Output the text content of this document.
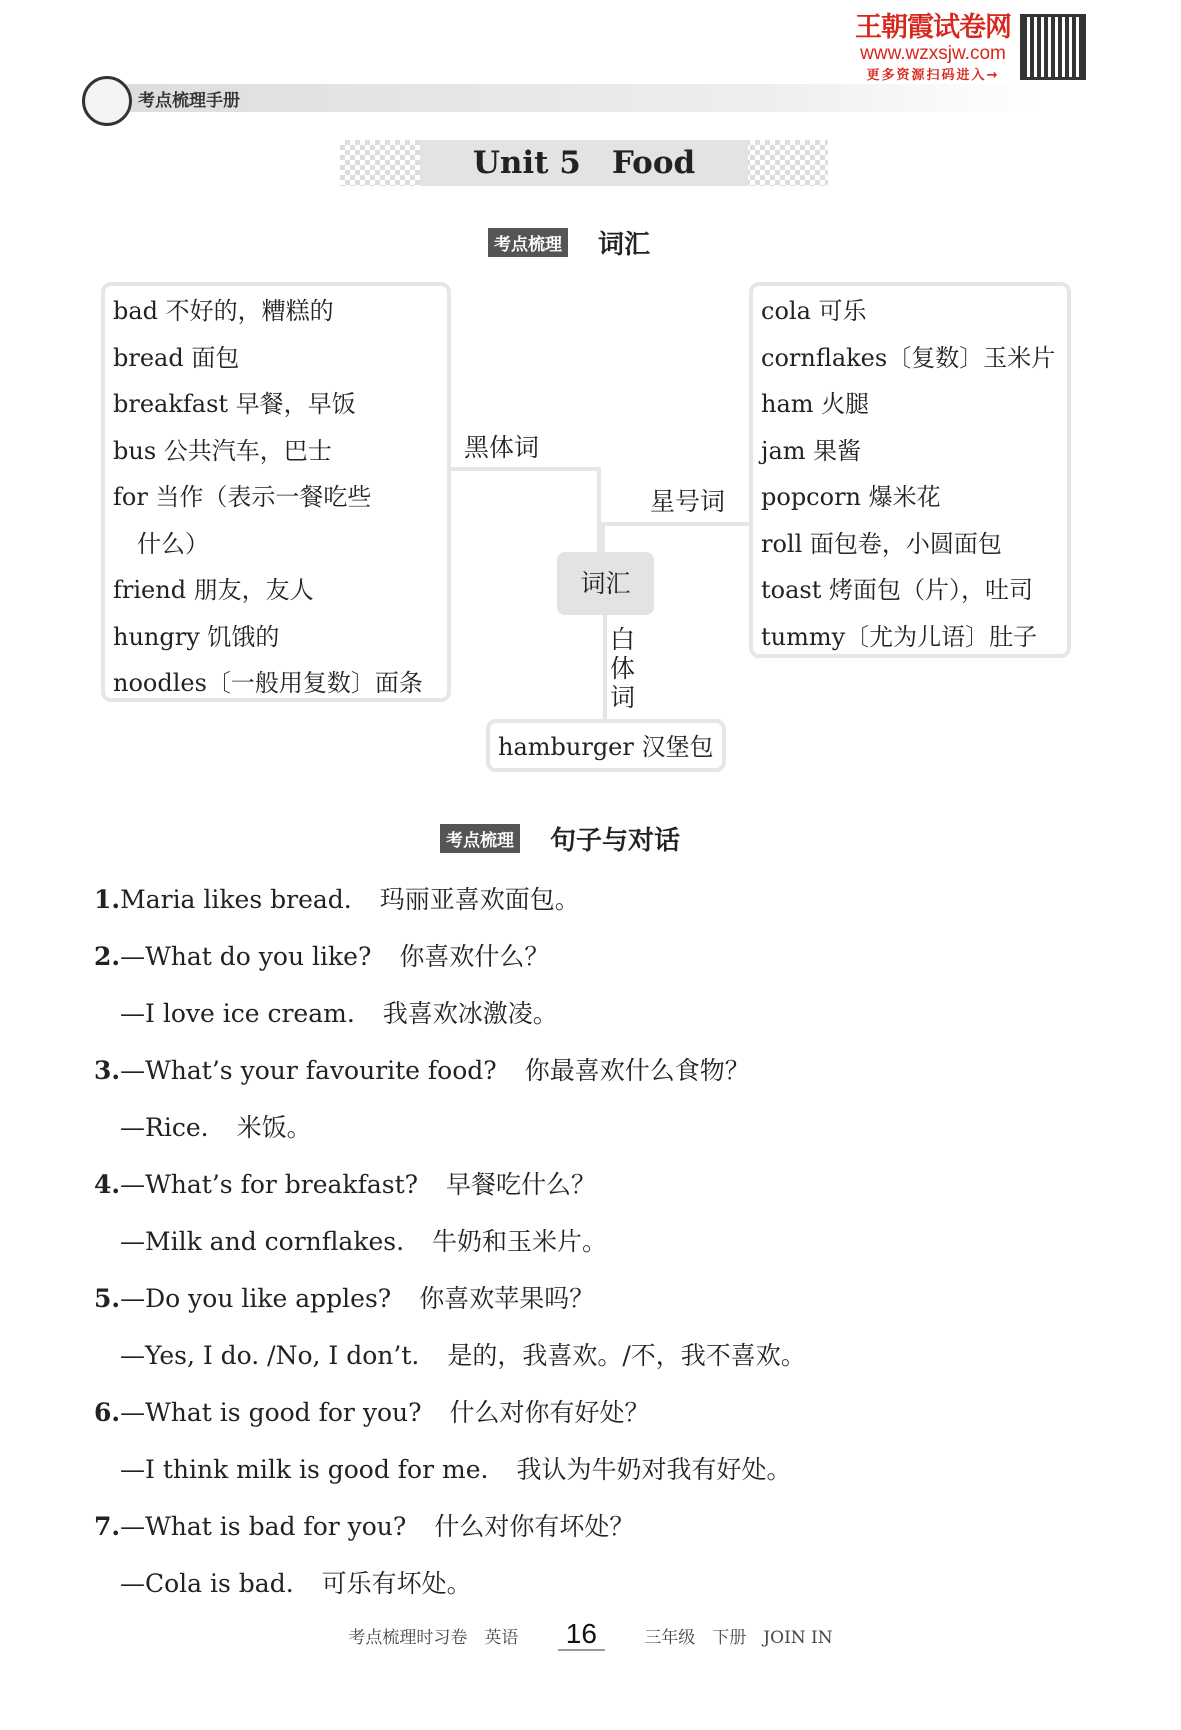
王朝霞试卷网
www.wzxsjw.com
更多资源扫码进入→
考点梳理手册
Unit 5　Food
考点梳理 词汇
bad 不好的，糟糕的
bread 面包
breakfast 早餐，早饭
bus 公共汽车，巴士
for 当作（表示一餐吃些
　什么）
friend 朋友，友人
hungry 饥饿的
noodles〔一般用复数〕面条
cola 可乐
cornflakes〔复数〕玉米片
ham 火腿
jam 果酱
popcorn 爆米花
roll 面包卷，小圆面包
toast 烤面包（片），吐司
tummy〔尤为儿语〕肚子
hamburger 汉堡包
词汇
黑体词
星号词
白体词
考点梳理 句子与对话
1.Maria likes bread. 玛丽亚喜欢面包。
2.—What do you like? 你喜欢什么？
—I love ice cream. 我喜欢冰激凌。
3.—What’s your favourite food? 你最喜欢什么食物？
—Rice. 米饭。
4.—What’s for breakfast? 早餐吃什么？
—Milk and cornflakes. 牛奶和玉米片。
5.—Do you like apples? 你喜欢苹果吗？
—Yes, I do. /No, I don’t. 是的，我喜欢。/不，我不喜欢。
6.—What is good for you? 什么对你有好处？
—I think milk is good for me. 我认为牛奶对我有好处。
7.—What is bad for you? 什么对你有坏处？
—Cola is bad. 可乐有坏处。
考点梳理时习卷　英语 16	三年级　下册　JOIN IN
